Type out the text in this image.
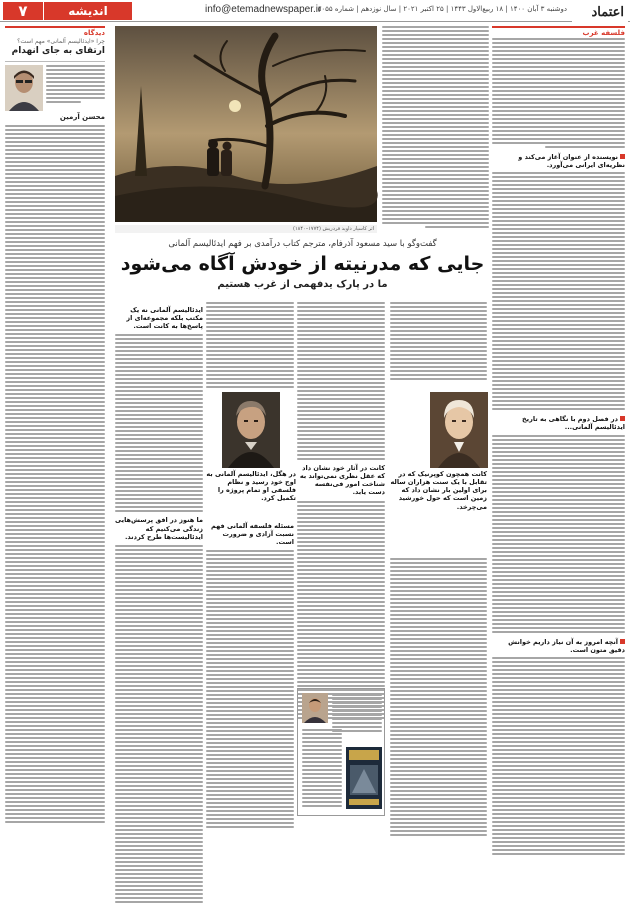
۷	اندیشه	info@etemadnewspaper.ir
دوشنبه ۳ آبان ۱۴۰۰ | ۱۸ ربیع‌الاول ۱۴۴۳ | ۲۵ اکتبر ۲۰۲۱ | سال نوزدهم | شماره ۵۰۵۵ اعتماد
دیدگاه	فلسفه غرب
چرا «ایدئالیسم آلمانی» مهم است؟
ارتقای به جای انهدام
محسن آرمین
اثر کاسپار داوید فردریش (۱۷۷۴–۱۸۴۰)
گفت‌وگو با سید مسعود آذرفام، مترجم کتاب درآمدی بر فهم ایدئالیسم آلمانی
جایی که مدرنیته از خودش آگاه می‌شود
ما در پارک یدفهمی از غرب هستیم
ایدئالیسم آلمانی نه یک مکتب بلکه مجموعه‌ای از پاسخ‌ها به کانت است.
ما هنوز در افق پرسش‌هایی زندگی می‌کنیم که ایدئالیست‌ها طرح کردند.
مسئله فلسفه آلمانی فهم نسبت آزادی و ضرورت است.
کانت در آثار خود نشان داد که عقل نظری نمی‌تواند به شناخت امور فی‌نفسه دست یابد.
کانت همچون کوپرنیک که در تقابل با یک سنت هزاران ساله برای اولین بار نشان داد که زمین است که حول خورشید می‌چرخد.
در هگل، ایدئالیسم آلمانی به اوج خود رسید و نظام فلسفی او تمام پروژه را تکمیل کرد.
نویسنده از عنوان آغاز می‌کند و نظریه‌ای ایرانی می‌آورد.
در فصل دوم با نگاهی به تاریخ ایدئالیسم آلمانی...
آنچه امروز به آن نیاز داریم خوانش دقیق متون است.
